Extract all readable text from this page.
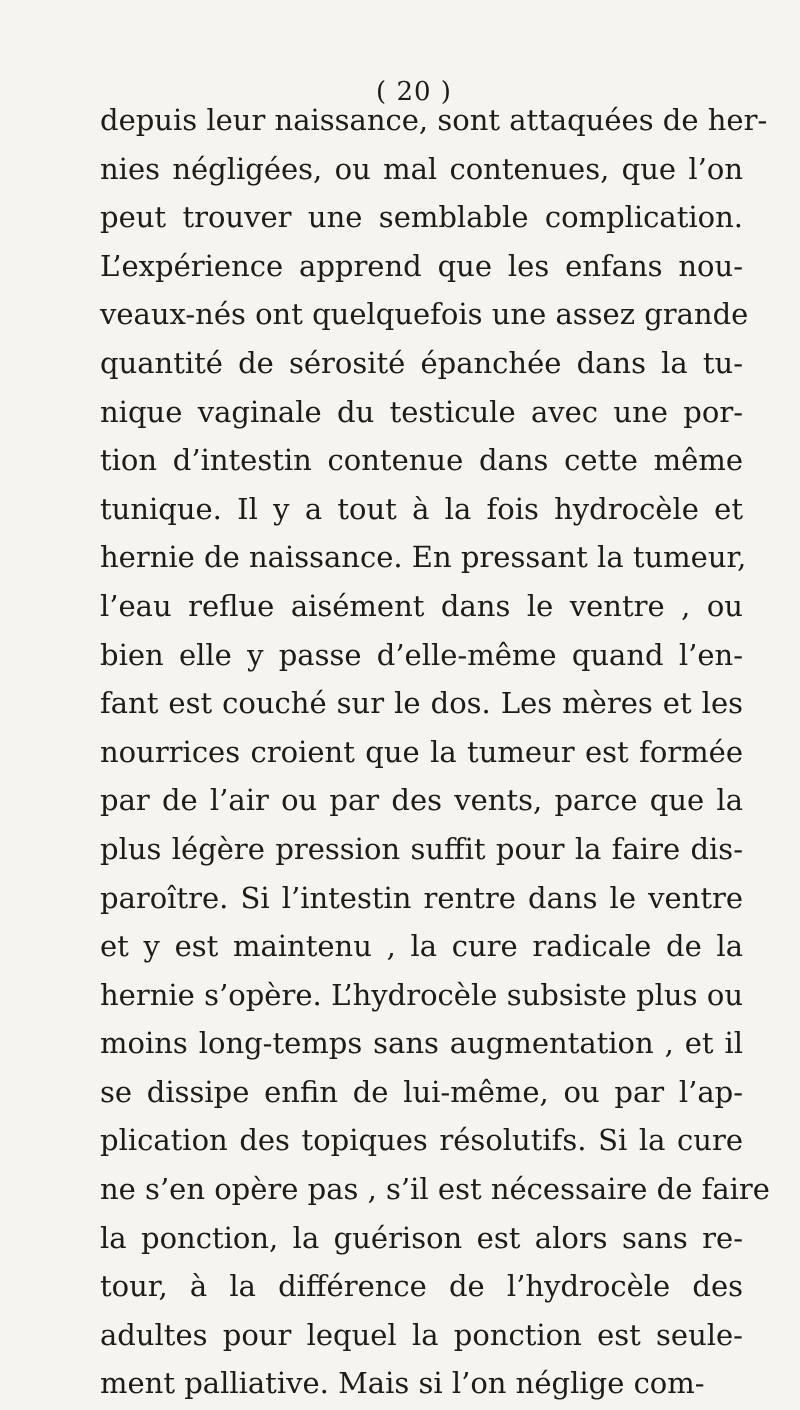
( 20 )
depuis leur naissance, sont attaquées de her-
nies négligées, ou mal contenues, que l’on
peut trouver une semblable complication.
L’expérience apprend que les enfans nou-
veaux-nés ont quelquefois une assez grande
quantité de sérosité épanchée dans la tu-
nique vaginale du testicule avec une por-
tion d’intestin contenue dans cette même
tunique. Il y a tout à la fois hydrocèle et
hernie de naissance. En pressant la tumeur,
l’eau reflue aisément dans le ventre , ou
bien elle y passe d’elle-même quand l’en-
fant est couché sur le dos. Les mères et les
nourrices croient que la tumeur est formée
par de l’air ou par des vents, parce que la
plus légère pression suffit pour la faire dis-
paroître. Si l’intestin rentre dans le ventre
et y est maintenu , la cure radicale de la
hernie s’opère. L’hydrocèle subsiste plus ou
moins long-temps sans augmentation , et il
se dissipe enfin de lui-même, ou par l’ap-
plication des topiques résolutifs. Si la cure
ne s’en opère pas , s’il est nécessaire de faire
la ponction, la guérison est alors sans re-
tour, à la différence de l’hydrocèle des
adultes pour lequel la ponction est seule-
ment palliative. Mais si l’on néglige com-
